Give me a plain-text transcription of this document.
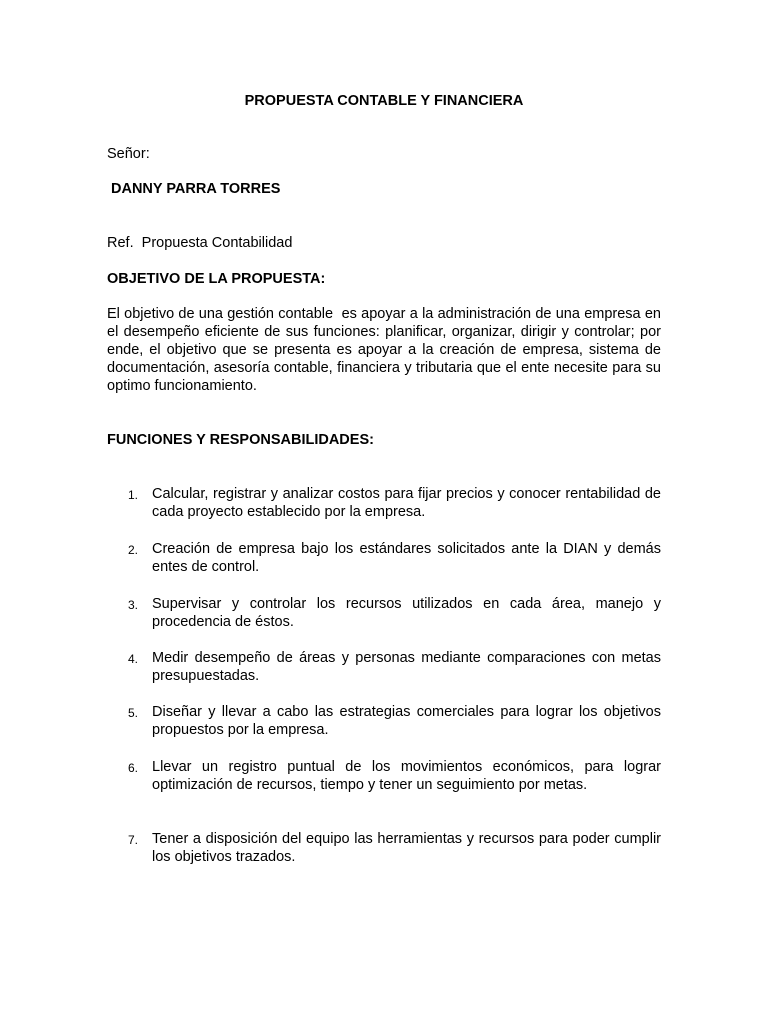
PROPUESTA CONTABLE Y FINANCIERA
Señor:
DANNY PARRA TORRES
Ref.  Propuesta Contabilidad
OBJETIVO DE LA PROPUESTA:
El objetivo de una gestión contable  es apoyar a la administración de una empresa en el desempeño eficiente de sus funciones: planificar, organizar, dirigir y controlar; por ende, el objetivo que se presenta es apoyar a la creación de empresa, sistema de documentación, asesoría contable, financiera y tributaria que el ente necesite para su optimo funcionamiento.
FUNCIONES Y RESPONSABILIDADES:
1. Calcular, registrar y analizar costos para fijar precios y conocer rentabilidad de cada proyecto establecido por la empresa.
2. Creación de empresa bajo los estándares solicitados ante la DIAN y demás entes de control.
3. Supervisar y controlar los recursos utilizados en cada área, manejo y procedencia de éstos.
4. Medir desempeño de áreas y personas mediante comparaciones con metas presupuestadas.
5. Diseñar y llevar a cabo las estrategias comerciales para lograr los objetivos propuestos por la empresa.
6. Llevar un registro puntual de los movimientos económicos, para lograr optimización de recursos, tiempo y tener un seguimiento por metas.
7. Tener a disposición del equipo las herramientas y recursos para poder cumplir los objetivos trazados.
